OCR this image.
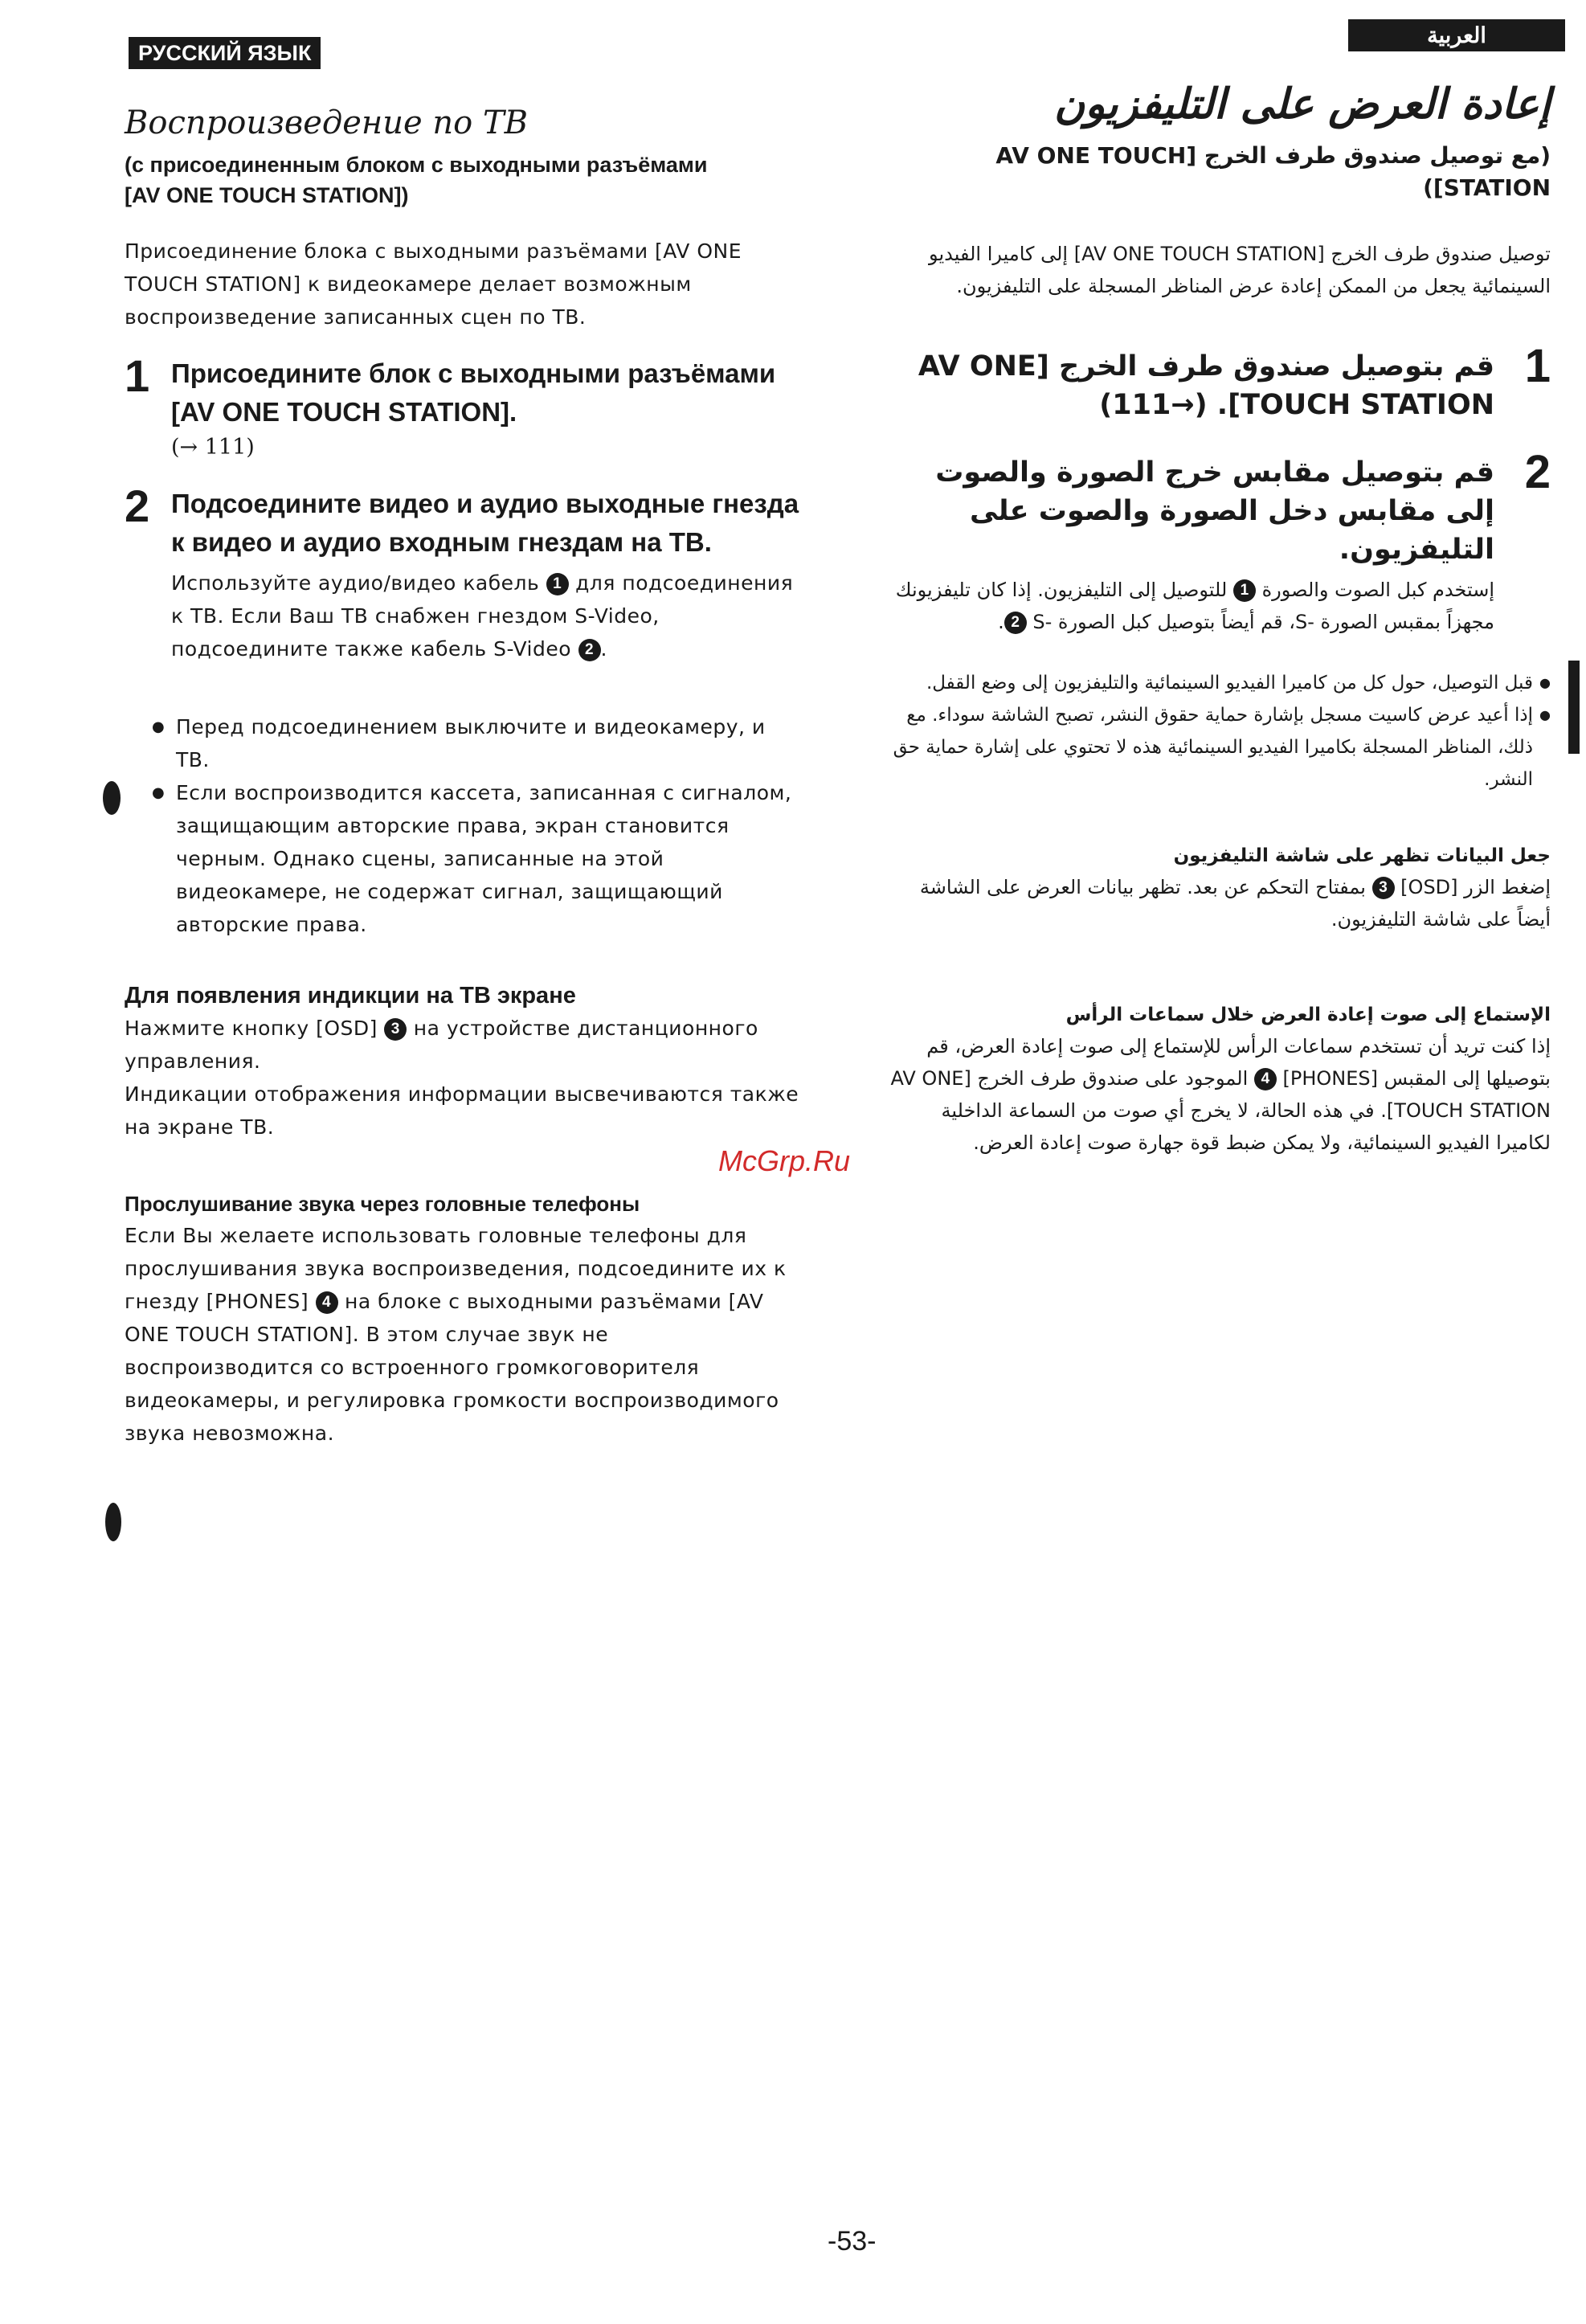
РУССКИЙ ЯЗЫК
العربية
Воспроизведение по ТВ
(с присоединенным блоком с выходными разъёмами
[AV ONE TOUCH STATION])

Присоединение блока с выходными разъёмами [AV ONE TOUCH STATION] к видеокамере делает возможным воспроизведение записанных сцен по ТВ.

1 Присоедините блок с выходными разъёмами [AV ONE TOUCH STATION].

(→ 111)
2 Подсоедините видео и аудио выходные гнезда к видео и аудио входным гнездам на ТВ.

Используйте аудио/видео кабель 1 для подсоединения к ТВ. Если Ваш ТВ снабжен гнездом S-Video, подсоедините также кабель S-Video 2 .

● Перед подсоединением выключите и видеокамеру, и ТВ.
● Если воспроизводится кассета, записанная с сигналом, защищающим авторские права, экран становится черным. Однако сцены, записанные на этой видеокамере, не содержат сигнал, защищающий авторские права.
Для появления индикции на ТВ экране

Нажмите кнопку [OSD] 3 на устройстве дистанционного управления.
Индикации отображения информации высвечиваются также на экране ТВ.

Прослушивание звука через головные телефоны

Если Вы желаете использовать головные телефоны для прослушивания звука воспроизведения, подсоедините их к гнезду [PHONES] 4 на блоке с выходными разъёмами [AV ONE TOUCH STATION]. В этом случае звук не воспроизводится со встроенного громкоговорителя видеокамеры, и регулировка громкости воспроизводимого звука невозможна.

إعادة العرض على التليفزيون
(مع توصيل صندوق طرف الخرج [AV ONE TOUCH STATION])

توصيل صندوق طرف الخرج [AV ONE TOUCH STATION] إلى كاميرا الفيديو السينمائية يجعل من الممكن إعادة عرض المناظر المسجلة على التليفزيون.

1

قم بتوصيل صندوق طرف الخرج [AV ONE TOUCH STATION]. (→111)

2

قم بتوصيل مقابس خرج الصورة والصوت إلى مقابس دخل الصورة والصوت على التليفزيون.

إستخدم كبل الصوت والصورة 1 للتوصيل إلى التليفزيون. إذا كان تليفزيونك مجهزاً بمقبس الصورة -S، قم أيضاً بتوصيل كبل الصورة -S 2.

● قبل التوصيل، حول كل من كاميرا الفيديو السينمائية والتليفزيون إلى وضع القفل.
● إذا أعيد عرض كاسيت مسجل بإشارة حماية حقوق النشر، تصبح الشاشة سوداء. مع ذلك، المناظر المسجلة بكاميرا الفيديو السينمائية هذه لا تحتوي على إشارة حماية حق النشر.
جعل البيانات تظهر على شاشة التليفزيون

إضغط الزر [OSD] 3 بمفتاح التحكم عن بعد. تظهر بيانات العرض على الشاشة أيضاً على شاشة التليفزيون.

الإستماع إلى صوت إعادة العرض خلال سماعات الرأس

إذا كنت تريد أن تستخدم سماعات الرأس للإستماع إلى صوت إعادة العرض، قم بتوصيلها إلى المقبس [PHONES] 4 الموجود على صندوق طرف الخرج [AV ONE TOUCH STATION]. في هذه الحالة، لا يخرج أي صوت من السماعة الداخلية لكاميرا الفيديو السينمائية، ولا يمكن ضبط قوة جهارة صوت إعادة العرض.

McGrp.Ru
-53-
